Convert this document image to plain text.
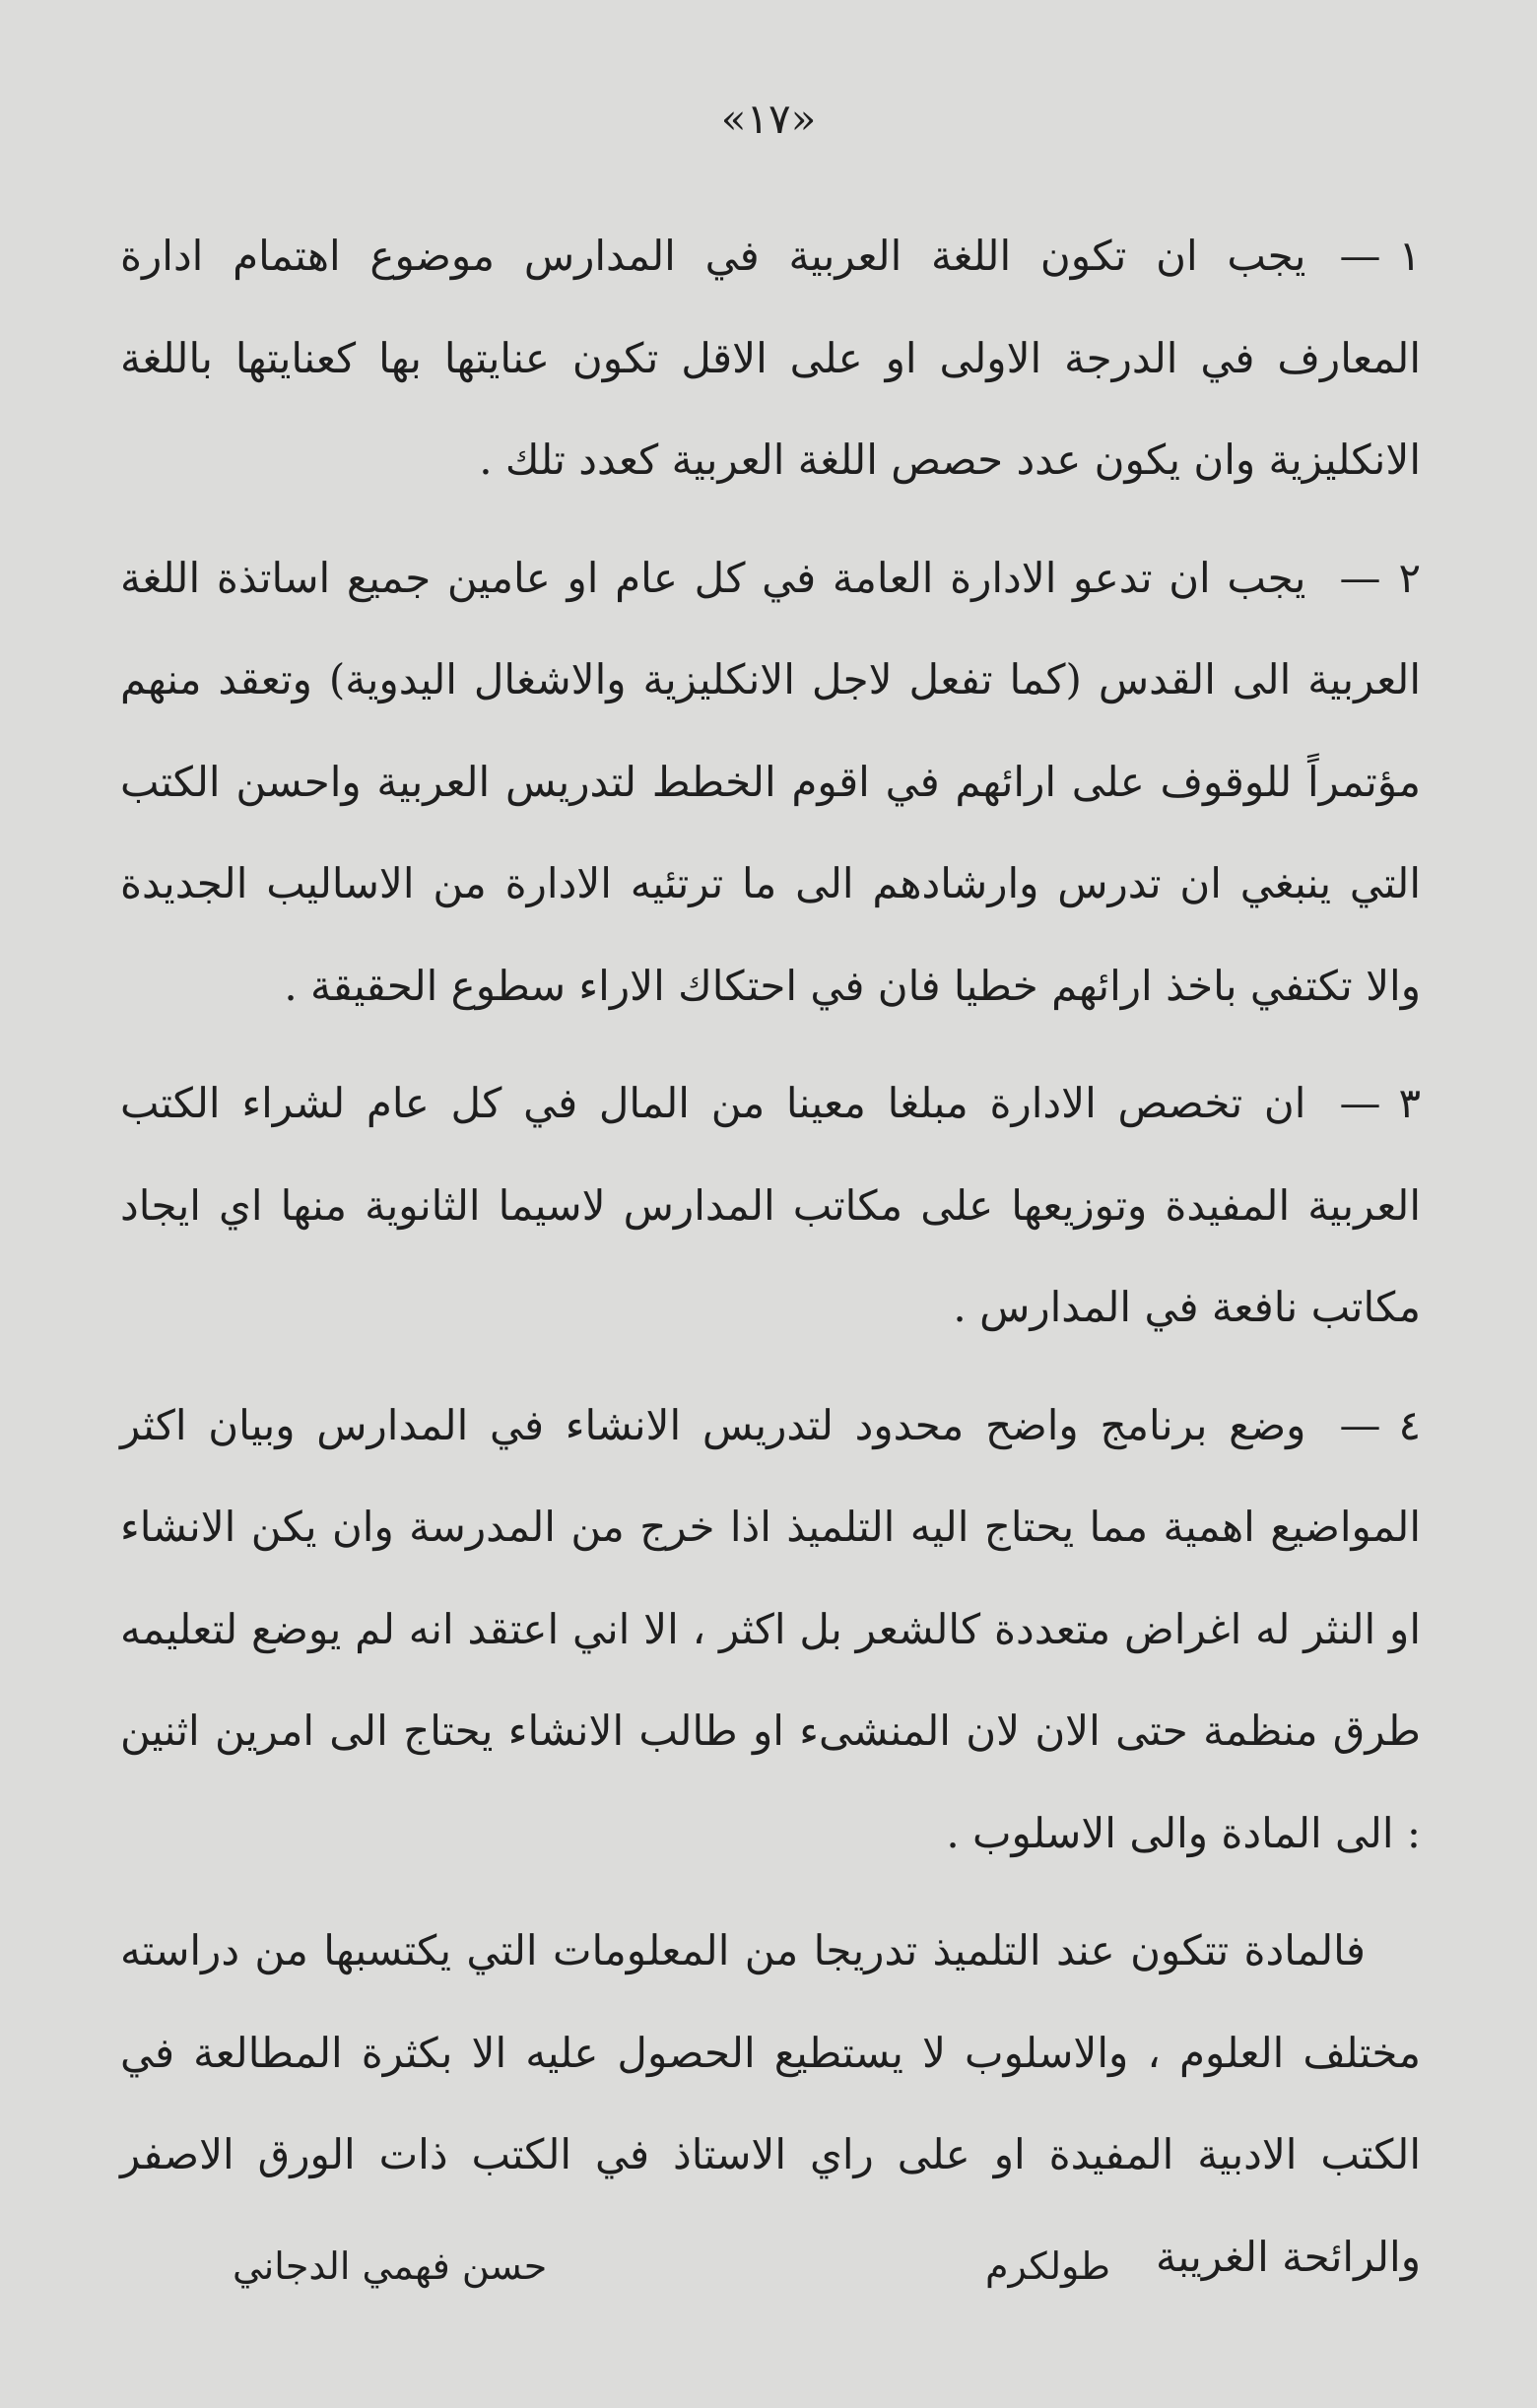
«١٧»

١—يجب ان تكون اللغة العربية في المدارس موضوع اهتمام ادارة المعارف في الدرجة الاولى او على الاقل تكون عنايتها بها كعنايتها باللغة الانكليزية وان يكون عدد حصص اللغة العربية كعدد تلك .

٢—يجب ان تدعو الادارة العامة في كل عام او عامين جميع اساتذة اللغة العربية الى القدس (كما تفعل لاجل الانكليزية والاشغال اليدوية) وتعقد منهم مؤتمراً للوقوف على ارائهم في اقوم الخطط لتدريس العربية واحسن الكتب التي ينبغي ان تدرس وارشادهم الى ما ترتئيه الادارة من الاساليب الجديدة والا تكتفي باخذ ارائهم خطيا فان في احتكاك الاراء سطوع الحقيقة .

٣—ان تخصص الادارة مبلغا معينا من المال في كل عام لشراء الكتب العربية المفيدة وتوزيعها على مكاتب المدارس لاسيما الثانوية منها اي ايجاد مكاتب نافعة في المدارس .

٤—وضع برنامج واضح محدود لتدريس الانشاء في المدارس وبيان اكثر المواضيع اهمية مما يحتاج اليه التلميذ اذا خرج من المدرسة وان يكن الانشاء او النثر له اغراض متعددة كالشعر بل اكثر ، الا اني اعتقد انه لم يوضع لتعليمه طرق منظمة حتى الان لان المنشىء او طالب الانشاء يحتاج الى امرين اثنين : الى المادة والى الاسلوب .

فالمادة تتكون عند التلميذ تدريجا من المعلومات التي يكتسبها من دراسته مختلف العلوم ، والاسلوب لا يستطيع الحصول عليه الا بكثرة المطالعة في الكتب الادبية المفيدة او على راي الاستاذ في الكتب ذات الورق الاصفر والرائحة الغريبة

طولكرم
حسن فهمي الدجاني
